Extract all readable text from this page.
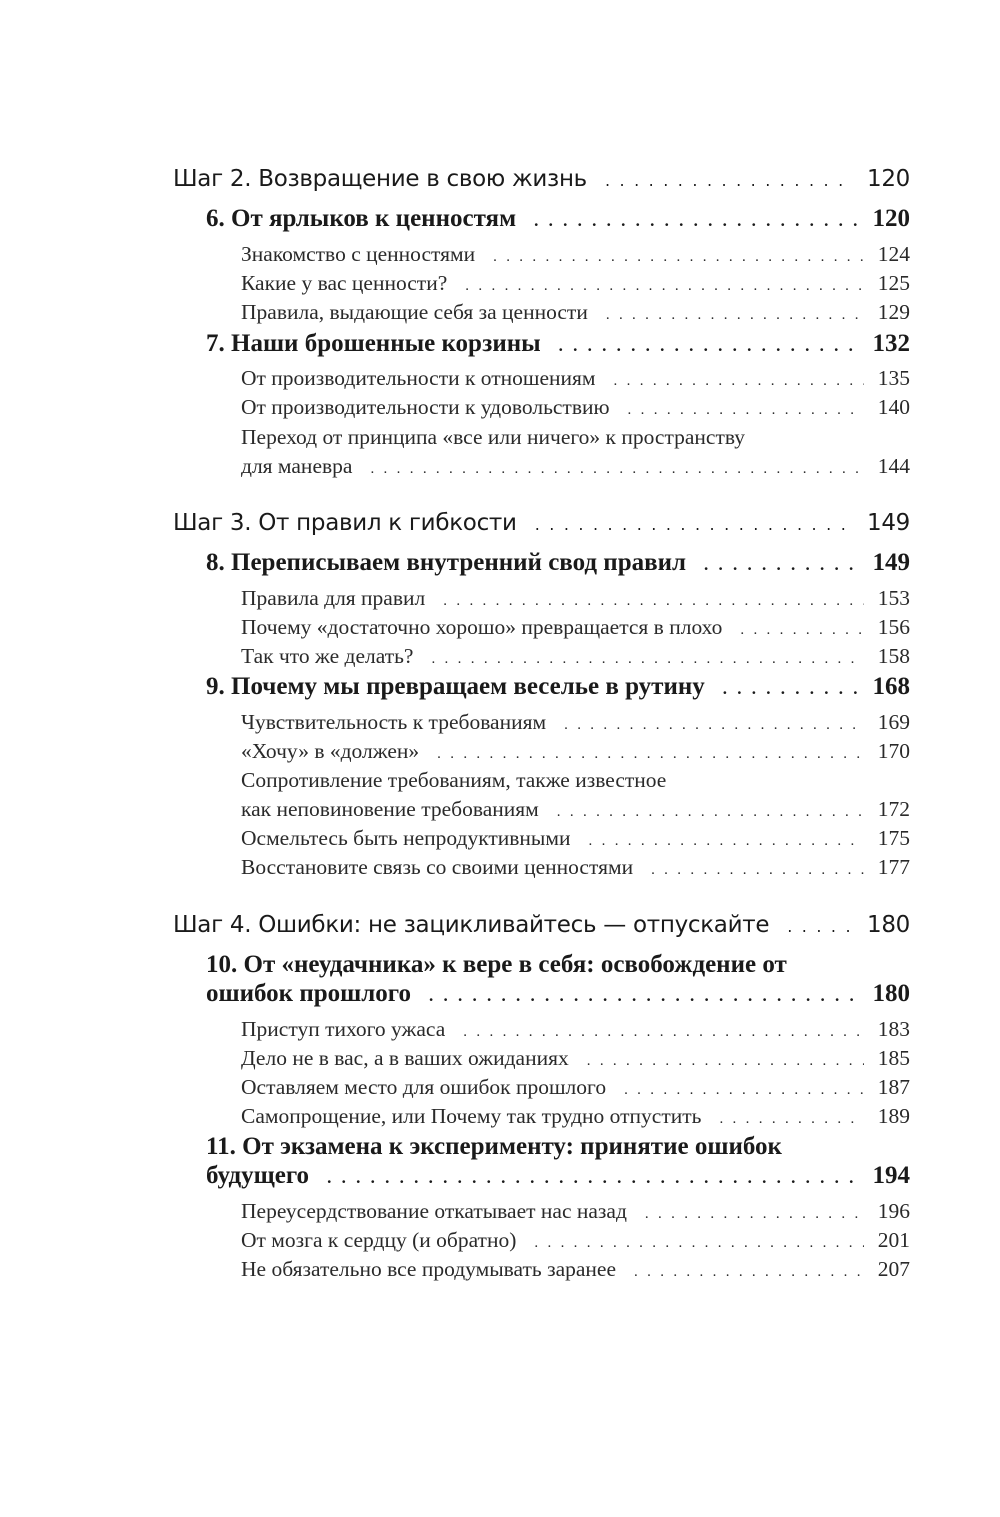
Шаг 2. Возвращение в свою жизнь . . .	120
6. От ярлыков к ценностям . . .	120
Знакомство с ценностями . . .	124
Какие у вас ценности? . . .	125
Правила, выдающие себя за ценности . . .	129
7. Наши брошенные корзины . . .	132
От производительности к отношениям . . .	135
От производительности к удовольствию . . .	140
Переход от принципа «все или ничего» к пространству
для маневра . . .	144
Шаг 3. От правил к гибкости . . .	149
8. Переписываем внутренний свод правил . . .	149
Правила для правил . . .	153
Почему «достаточно хорошо» превращается в плохо . . .	156
Так что же делать? . . .	158
9. Почему мы превращаем веселье в рутину . . .	168
Чувствительность к требованиям . . .	169
«Хочу» в «должен» . . .	170
Сопротивление требованиям, также известное
как неповиновение требованиям . . .	172
Осмельтесь быть непродуктивными . . .	175
Восстановите связь со своими ценностями . . .	177
Шаг 4. Ошибки: не зацикливайтесь — отпускайте . . .	180
10. От «неудачника» к вере в себя: освобождение от
ошибок прошлого . . .	180
Приступ тихого ужаса . . .	183
Дело не в вас, а в ваших ожиданиях . . .	185
Оставляем место для ошибок прошлого . . .	187
Самопрощение, или Почему так трудно отпустить . . .	189
11. От экзамена к эксперименту: принятие ошибок
будущего . . .	194
Переусердствование откатывает нас назад . . .	196
От мозга к сердцу (и обратно) . . .	201
Не обязательно все продумывать заранее . . .	207
